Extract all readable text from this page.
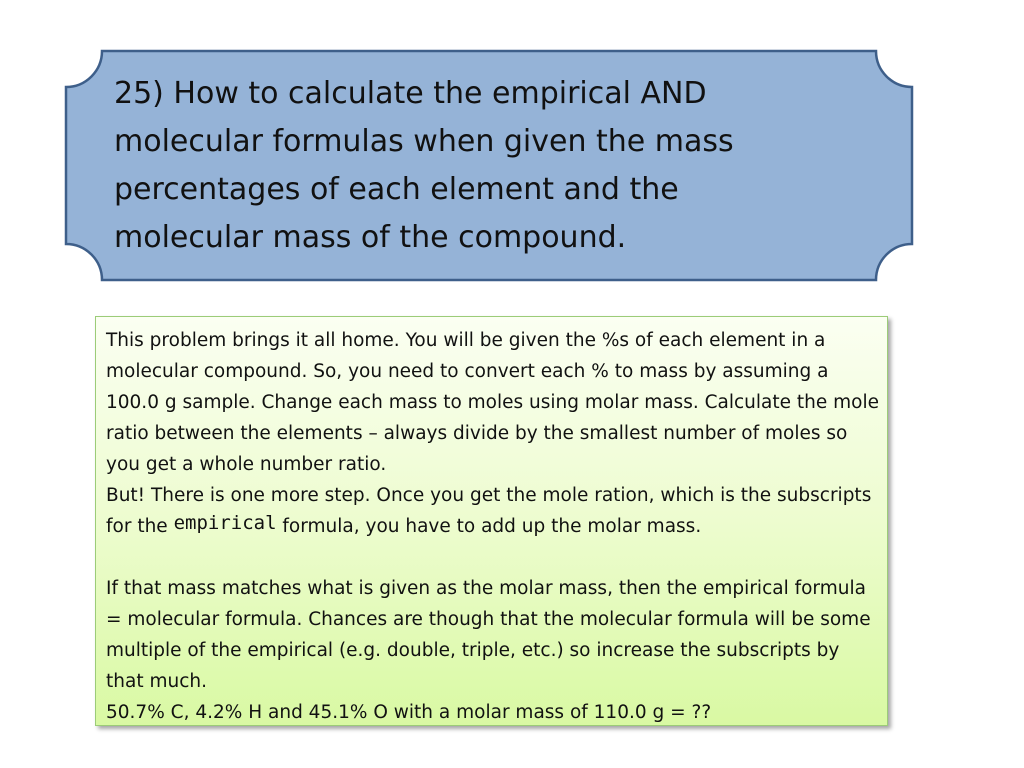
25) How to calculate the empirical AND molecular formulas when given the mass percentages of each element and the molecular mass of the compound.

This problem brings it all home. You will be given the %s of each element in a molecular compound. So, you need to convert each % to mass by assuming a 100.0 g sample. Change each mass to moles using molar mass. Calculate the mole ratio between the elements – always divide by the smallest number of moles so you get a whole number ratio.

But! There is one more step. Once you get the mole ration, which is the subscripts for the empirical formula, you have to add up the molar mass.

If that mass matches what is given as the molar mass, then the empirical formula = molecular formula. Chances are though that the molecular formula will be some multiple of the empirical (e.g. double, triple, etc.) so increase the subscripts by that much.

50.7% C, 4.2% H and 45.1% O with a molar mass of 110.0 g = ??
